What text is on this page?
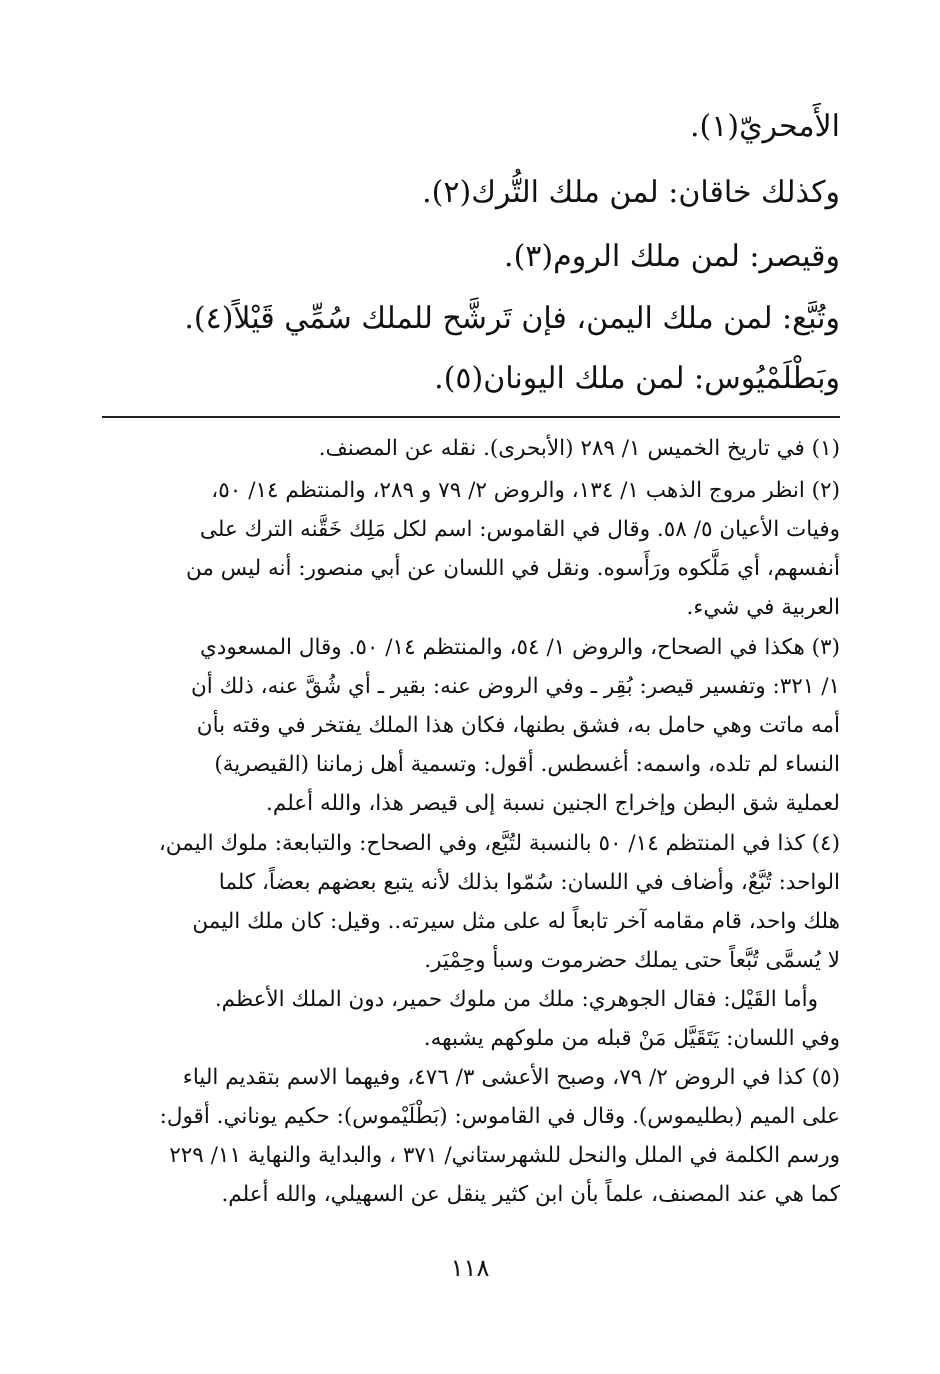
الأَمحريّ(١).
وكذلك خاقان: لمن ملك التُّرك(٢).
وقيصر: لمن ملك الروم(٣).
وتُبَّع: لمن ملك اليمن، فإن تَرشَّح للملك سُمِّي قَيْلاً(٤).
وبَطْلَمْيُوس: لمن ملك اليونان(٥).
(١) في تاريخ الخميس ١/ ٢٨٩ (الأبحرى). نقله عن المصنف.
(٢) انظر مروج الذهب ١/ ١٣٤، والروض ٢/ ٧٩ و ٢٨٩، والمنتظم ١٤/ ٥٠،
وفيات الأعيان ٥/ ٥٨. وقال في القاموس: اسم لكل مَلِك خَقَّنه الترك على
أنفسهم، أي مَلَّكوه ورَأَسوه. ونقل في اللسان عن أبي منصور: أنه ليس من
العربية في شيء.
(٣) هكذا في الصحاح، والروض ١/ ٥٤، والمنتظم ١٤/ ٥٠. وقال المسعودي
١/ ٣٢١: وتفسير قيصر: بُقِر ـ وفي الروض عنه: بقير ـ أي شُقَّ عنه، ذلك أن
أمه ماتت وهي حامل به، فشق بطنها، فكان هذا الملك يفتخر في وقته بأن
النساء لم تلده، واسمه: أغسطس. أقول: وتسمية أهل زماننا (القيصرية)
لعملية شق البطن وإخراج الجنين نسبة إلى قيصر هذا، والله أعلم.
(٤) كذا في المنتظم ١٤/ ٥٠ بالنسبة لتُبَّع، وفي الصحاح: والتبابعة: ملوك اليمن،
الواحد: تُبَّعٌ، وأضاف في اللسان: سُمّوا بذلك لأنه يتبع بعضهم بعضاً، كلما
هلك واحد، قام مقامه آخر تابعاً له على مثل سيرته.. وقيل: كان ملك اليمن
لا يُسمَّى تُبَّعاً حتى يملك حضرموت وسبأ وحِمْيَر.
وأما القَيْل: فقال الجوهري: ملك من ملوك حمير، دون الملك الأعظم.
وفي اللسان: يَتَقَيَّل مَنْ قبله من ملوكهم يشبهه.
(٥) كذا في الروض ٢/ ٧٩، وصبح الأعشى ٣/ ٤٧٦، وفيهما الاسم بتقديم الياء
على الميم (بطليموس). وقال في القاموس: (بَطْلَيْموس): حكيم يوناني. أقول:
ورسم الكلمة في الملل والنحل للشهرستاني/ ٣٧١ ، والبداية والنهاية ١١/ ٢٢٩
كما هي عند المصنف، علماً بأن ابن كثير ينقل عن السهيلي، والله أعلم.
١١٨
